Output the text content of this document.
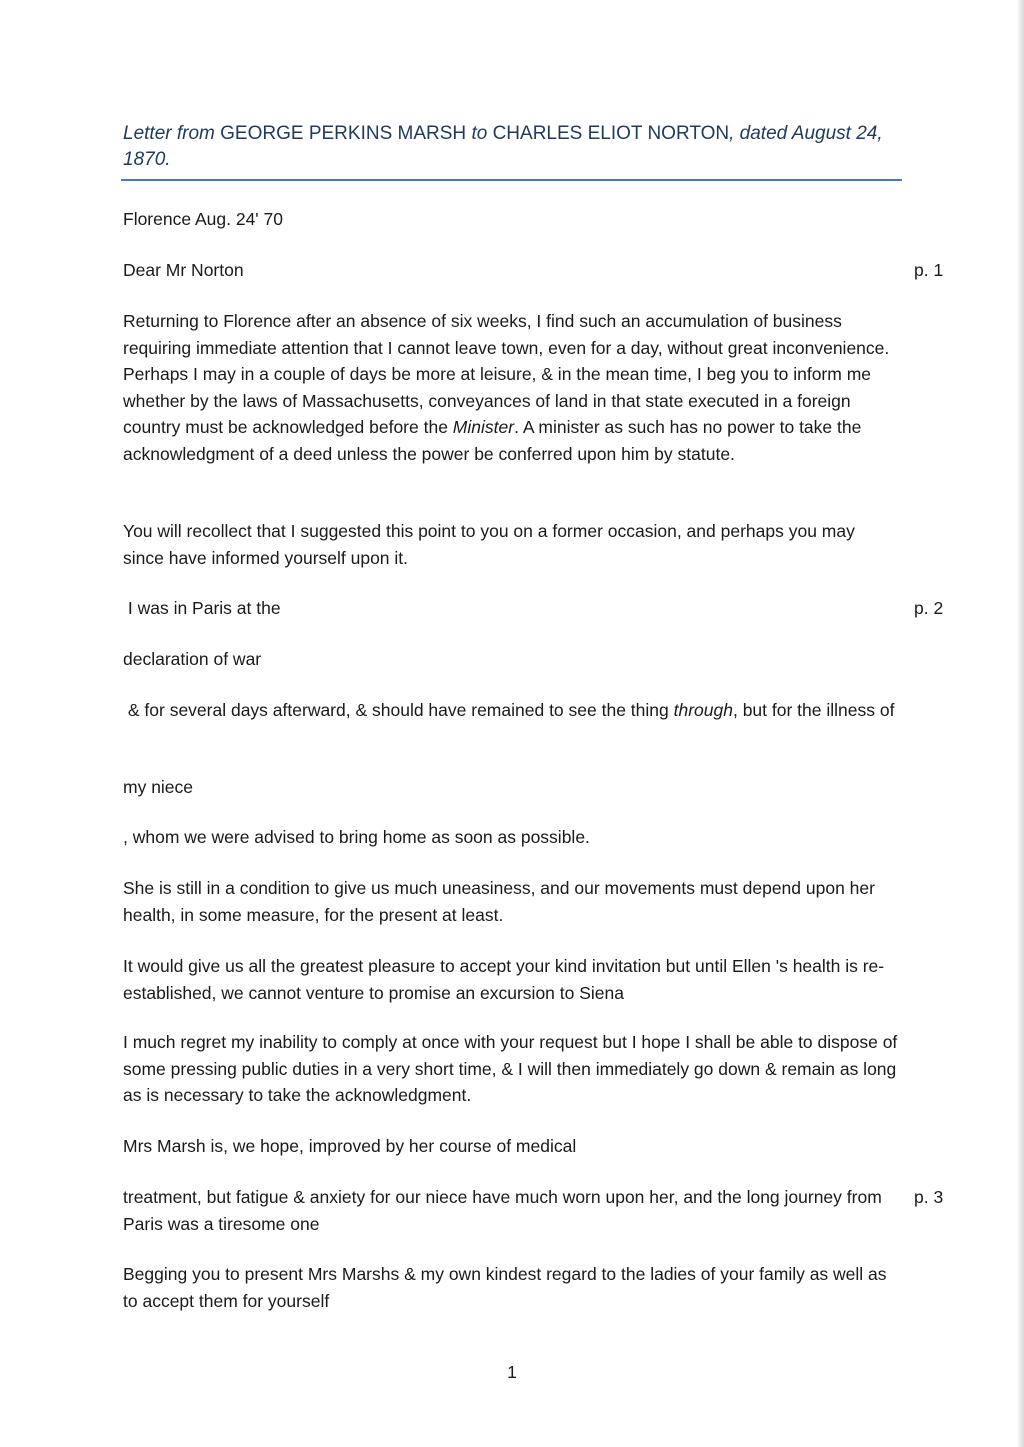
Letter from GEORGE PERKINS MARSH to CHARLES ELIOT NORTON, dated August 24, 1870.

Florence Aug. 24' 70

Dear Mr Norton	p. 1

Returning to Florence after an absence of six weeks, I find such an accumulation of business requiring immediate attention that I cannot leave town, even for a day, without great inconvenience. Perhaps I may in a couple of days be more at leisure, & in the mean time, I beg you to inform me whether by the laws of Massachusetts, conveyances of land in that state executed in a foreign country must be acknowledged before the Minister. A minister as such has no power to take the acknowledgment of a deed unless the power be conferred upon him by statute.

You will recollect that I suggested this point to you on a former occasion, and perhaps you may since have informed yourself upon it.

I was in Paris at the	p. 2

declaration of war

& for several days afterward, & should have remained to see the thing through, but for the illness of

my niece

, whom we were advised to bring home as soon as possible.

She is still in a condition to give us much uneasiness, and our movements must depend upon her health, in some measure, for the present at least.

It would give us all the greatest pleasure to accept your kind invitation but until Ellen 's health is re-established, we cannot venture to promise an excursion to Siena

I much regret my inability to comply at once with your request but I hope I shall be able to dispose of some pressing public duties in a very short time, & I will then immediately go down & remain as long as is necessary to take the acknowledgment.

Mrs Marsh is, we hope, improved by her course of medical

treatment, but fatigue & anxiety for our niece have much worn upon her, and the long journey from Paris was a tiresome one

p. 3

Begging you to present Mrs Marshs & my own kindest regard to the ladies of your family as well as to accept them for yourself

1
